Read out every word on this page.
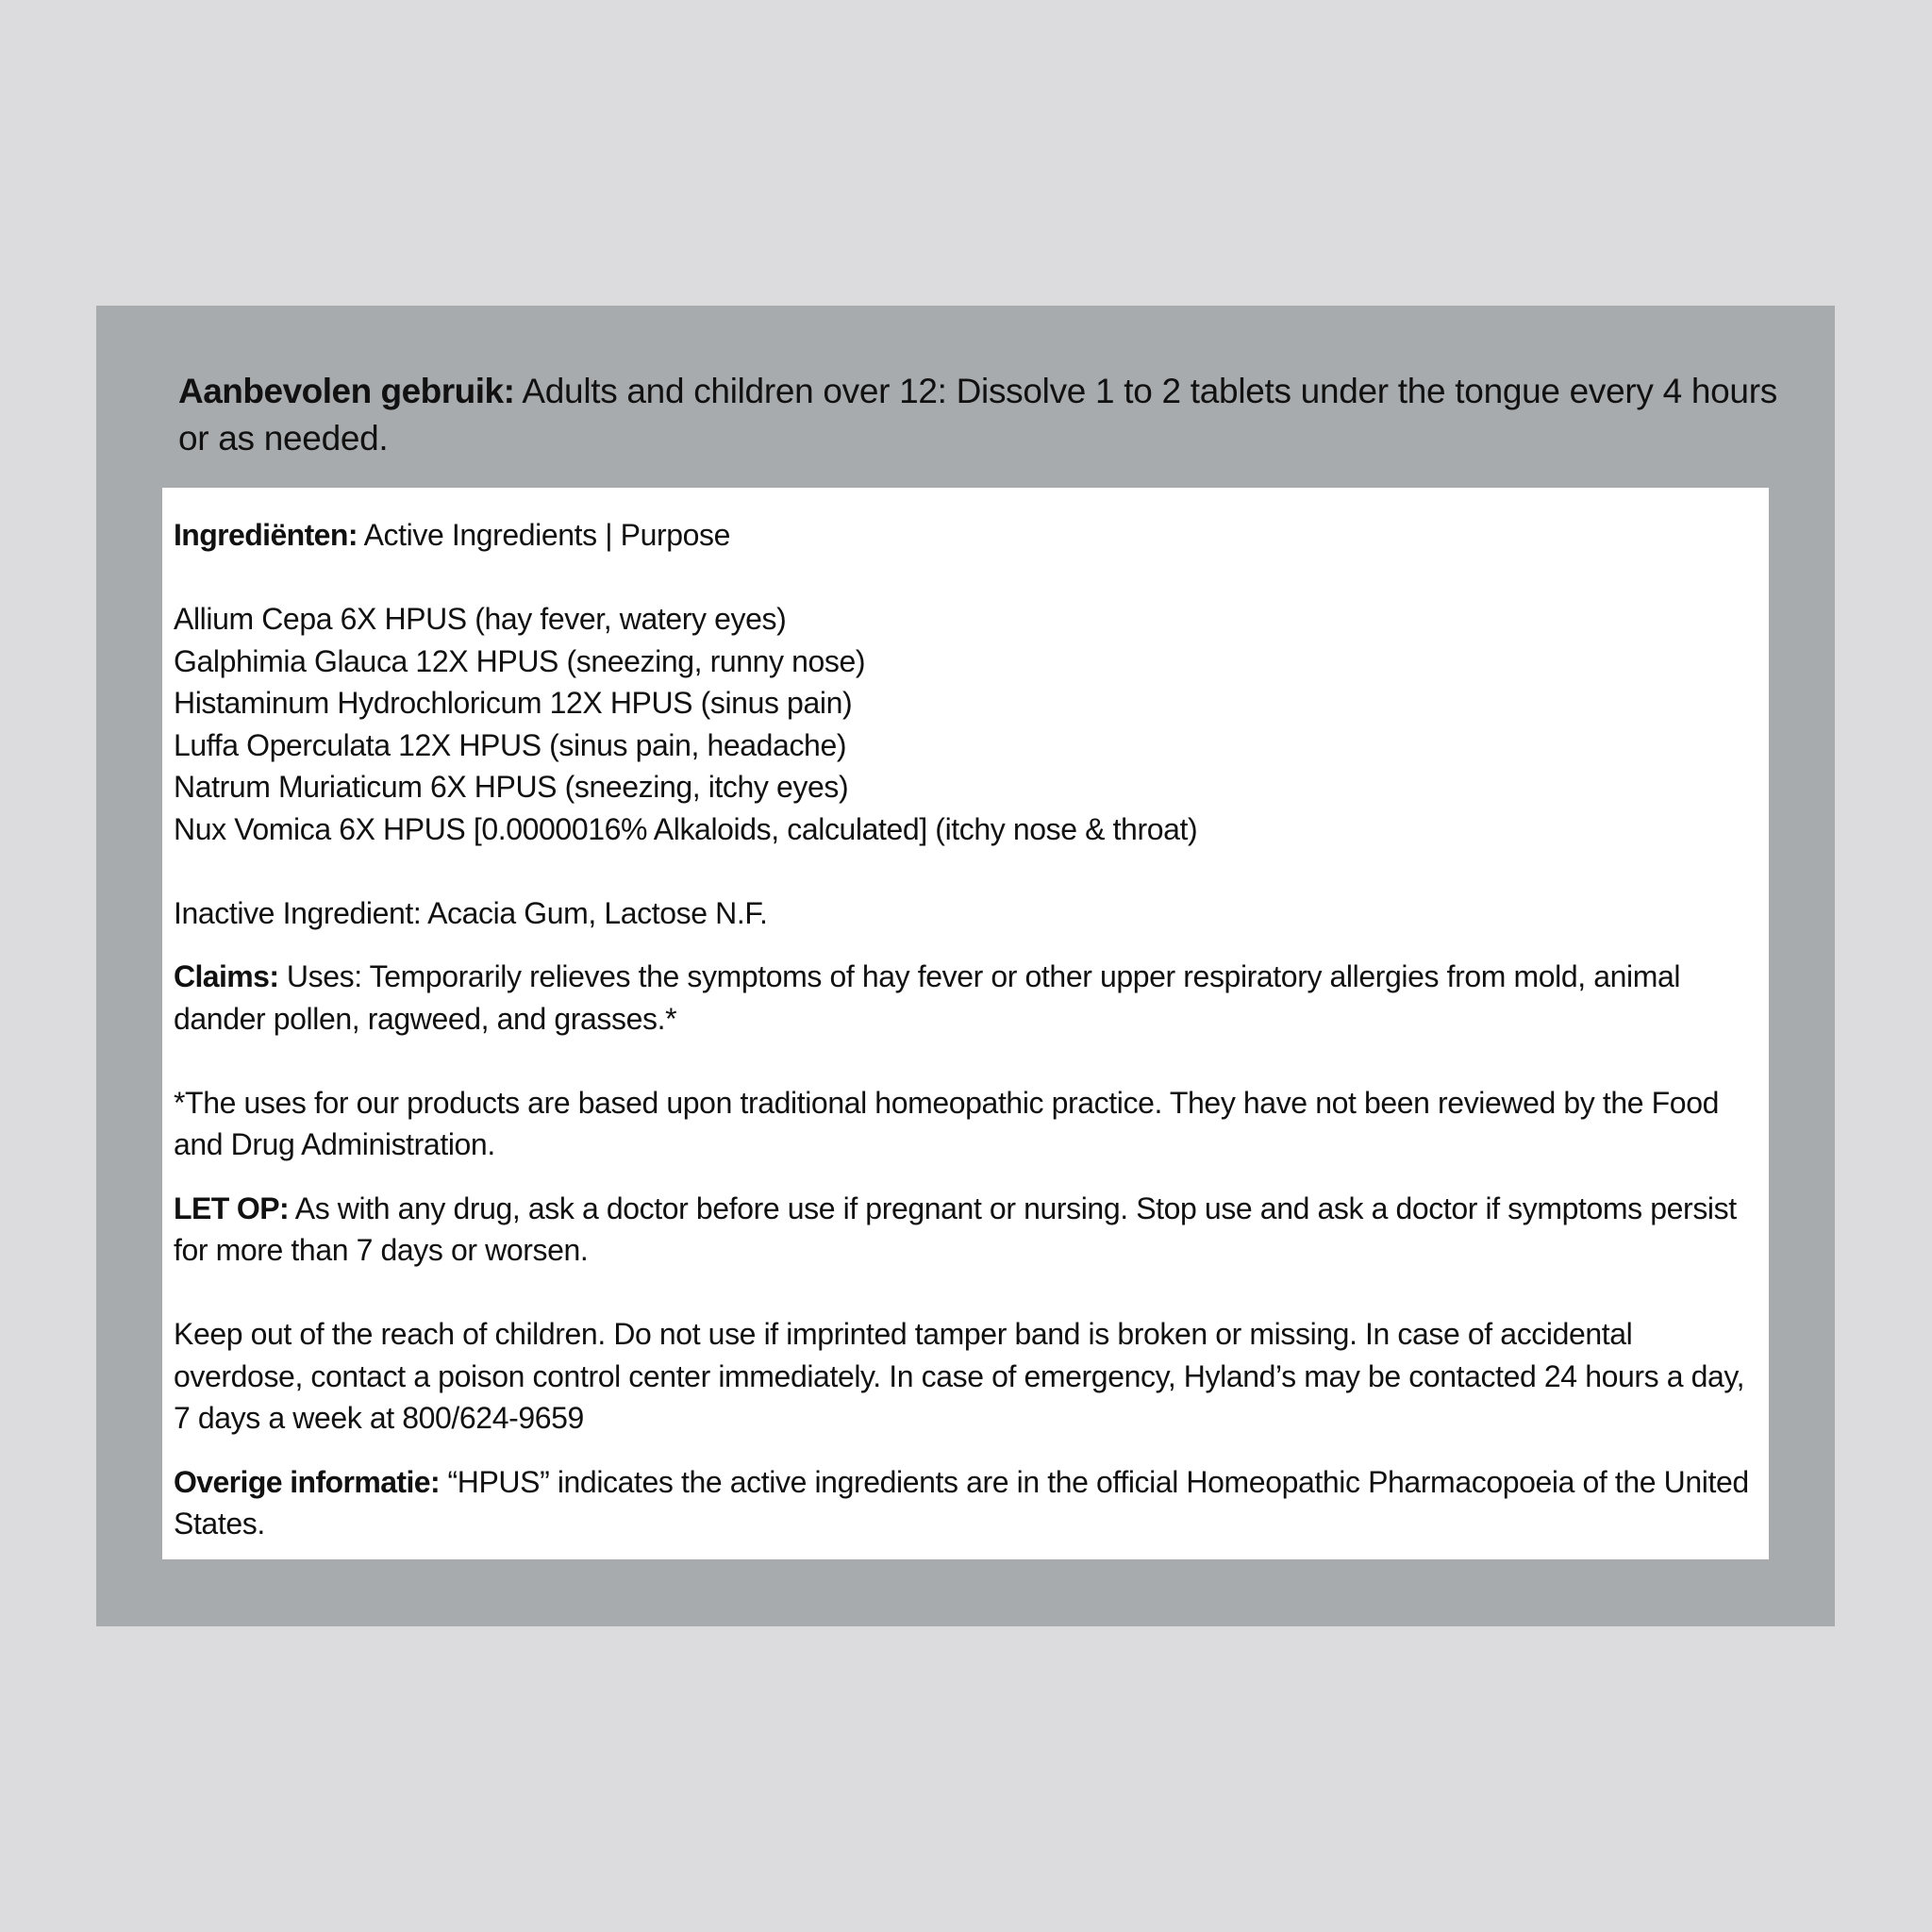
Aanbevolen gebruik: Adults and children over 12: Dissolve 1 to 2 tablets under the tongue every 4 hours or as needed.

Ingrediënten: Active Ingredients | Purpose

Allium Cepa 6X HPUS (hay fever, watery eyes)
Galphimia Glauca 12X HPUS (sneezing, runny nose)
Histaminum Hydrochloricum 12X HPUS (sinus pain)
Luffa Operculata 12X HPUS (sinus pain, headache)
Natrum Muriaticum 6X HPUS (sneezing, itchy eyes)
Nux Vomica 6X HPUS [0.0000016% Alkaloids, calculated] (itchy nose & throat)

Inactive Ingredient: Acacia Gum, Lactose N.F.

Claims: Uses: Temporarily relieves the symptoms of hay fever or other upper respiratory allergies from mold, animal dander pollen, ragweed, and grasses.*

*The uses for our products are based upon traditional homeopathic practice. They have not been reviewed by the Food and Drug Administration.

LET OP: As with any drug, ask a doctor before use if pregnant or nursing. Stop use and ask a doctor if symptoms persist for more than 7 days or worsen.

Keep out of the reach of children. Do not use if imprinted tamper band is broken or missing. In case of accidental overdose, contact a poison control center immediately. In case of emergency, Hyland’s may be contacted 24 hours a day, 7 days a week at 800/624-9659

Overige informatie: “HPUS” indicates the active ingredients are in the official Homeopathic Pharmacopoeia of the United States.
